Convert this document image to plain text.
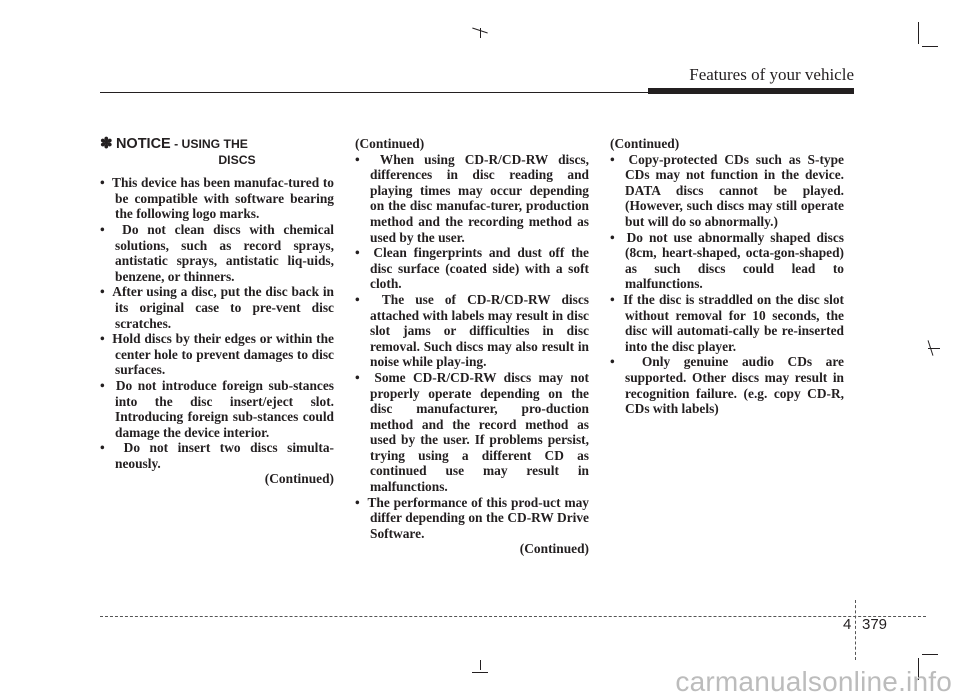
Features of your vehicle
✽ NOTICE - USING THE
DISCS
•  This device has been manufac-tured to be compatible with software bearing the following logo marks.
•  Do not clean discs with chemical solutions, such as record sprays, antistatic sprays, antistatic liq-uids, benzene, or thinners.
•  After using a disc, put the disc back in its original case to pre-vent disc scratches.
•  Hold discs by their edges or within the center hole to prevent damages to disc surfaces.
•  Do not introduce foreign sub-stances into the disc insert/eject slot. Introducing foreign sub-stances could damage the device interior.
•  Do not insert two discs simulta-neously.

(Continued)

(Continued)

•  When using CD-R/CD-RW discs, differences in disc reading and playing times may occur depending on the disc manufac-turer, production method and the recording method as used by the user.
•  Clean fingerprints and dust off the disc surface (coated side) with a soft cloth.
•  The use of CD-R/CD-RW discs attached with labels may result in disc slot jams or difficulties in disc removal. Such discs may also result in noise while play-ing.
•  Some CD-R/CD-RW discs may not properly operate depending on the disc manufacturer, pro-duction method and the record method as used by the user. If problems persist, trying using a different CD as continued use may result in malfunctions.
•  The performance of this prod-uct may differ depending on the CD-RW Drive Software.

(Continued)

(Continued)

•  Copy-protected CDs such as S-type CDs may not function in the device. DATA discs cannot be played. (However, such discs may still operate but will do so abnormally.)
•  Do not use abnormally shaped discs (8cm, heart-shaped, octa-gon-shaped) as such discs could lead to malfunctions.
•  If the disc is straddled on the disc slot without removal for 10 seconds, the disc will automati-cally be re-inserted into the disc player.
•  Only genuine audio CDs are supported. Other discs may result in recognition failure. (e.g. copy CD-R, CDs with labels)
4 379
carmanualsonline.info
